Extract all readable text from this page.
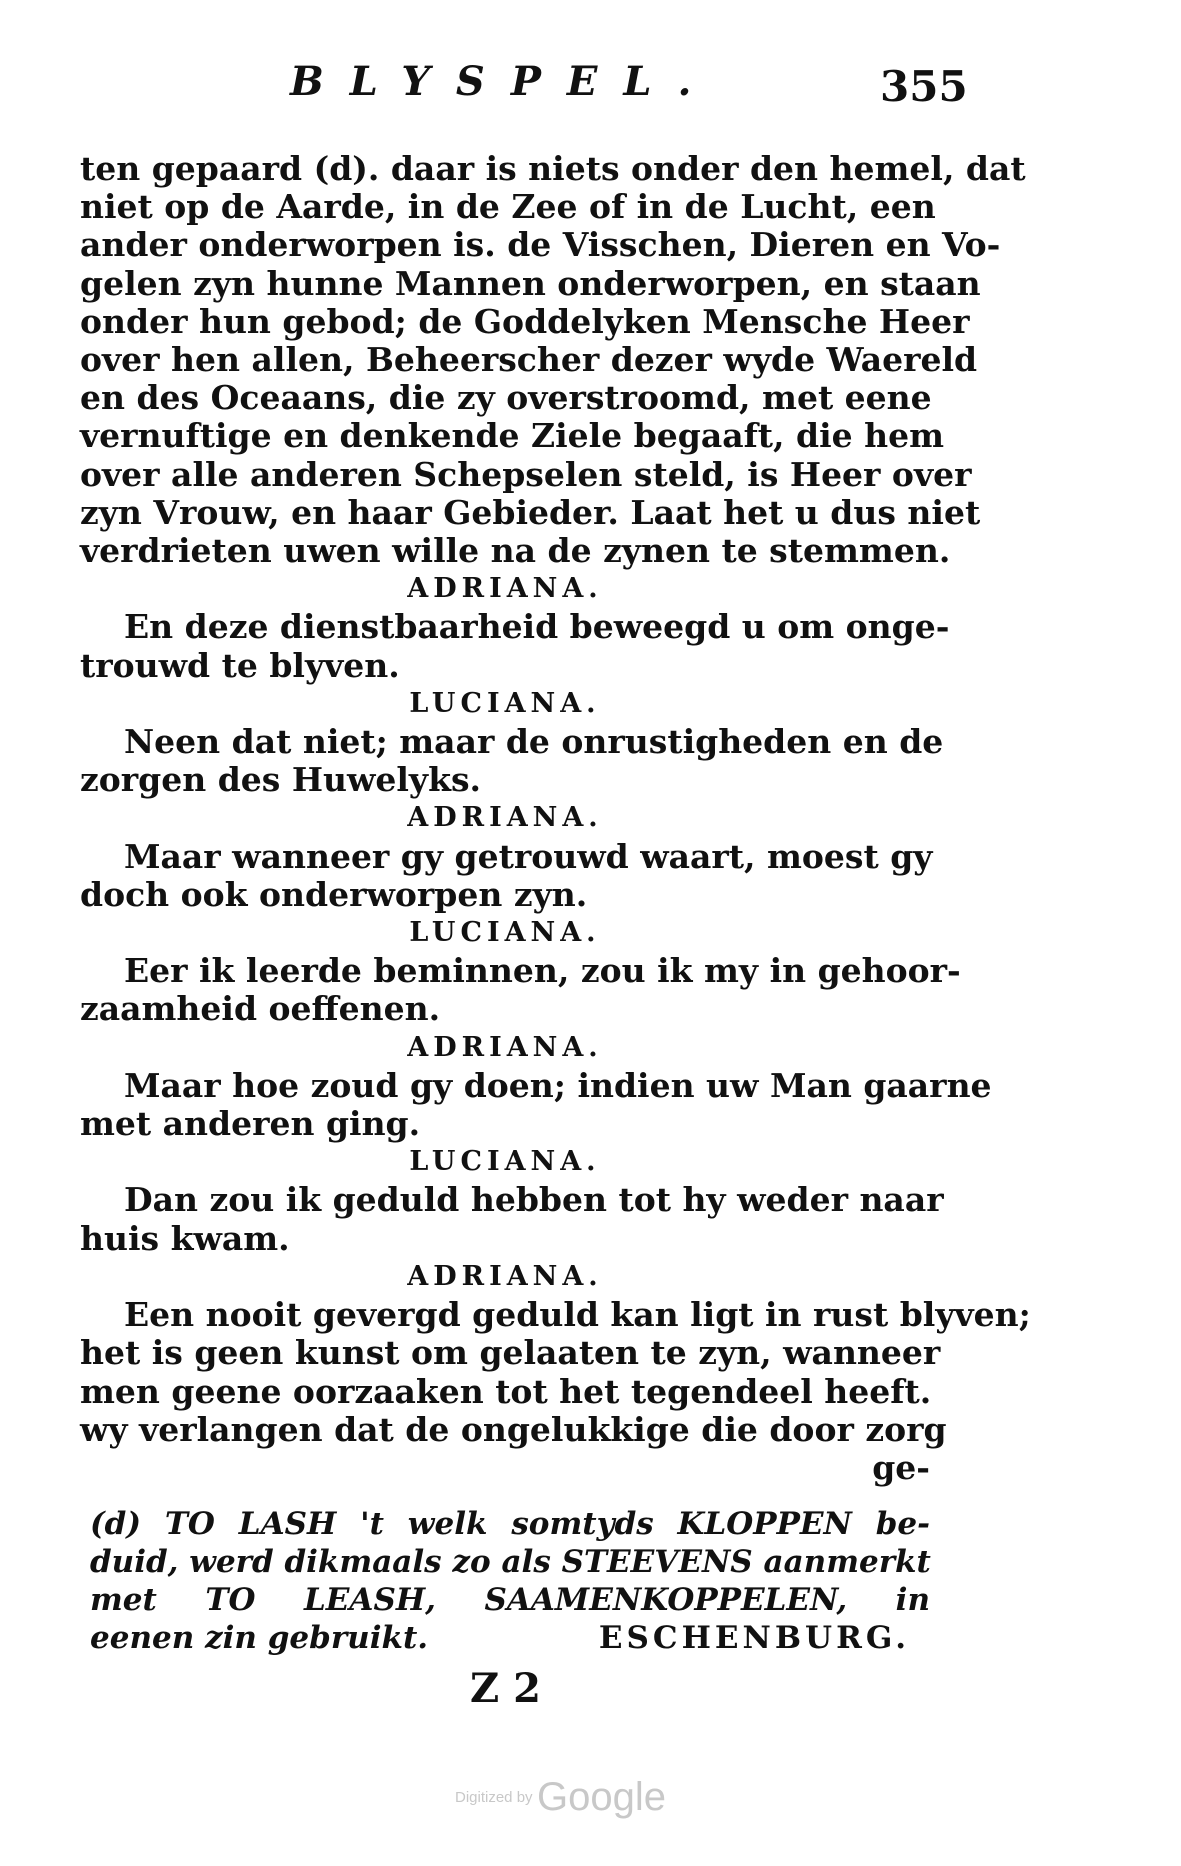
BLYSPEL.	355
ten gepaard (d). daar is niets onder den hemel, dat
niet op de Aarde, in de Zee of in de Lucht, een
ander onderworpen is. de Visschen, Dieren en Vo-
gelen zyn hunne Mannen onderworpen, en staan
onder hun gebod; de Goddelyken Mensche Heer
over hen allen, Beheerscher dezer wyde Waereld
en des Oceaans, die zy overstroomd, met eene
vernuftige en denkende Ziele begaaft, die hem
over alle anderen Schepselen steld, is Heer over
zyn Vrouw, en haar Gebieder. Laat het u dus niet
verdrieten uwen wille na de zynen te stemmen.
ADRIANA.
En deze dienstbaarheid beweegd u om onge-
trouwd te blyven.
LUCIANA.
Neen dat niet; maar de onrustigheden en de
zorgen des Huwelyks.
ADRIANA.
Maar wanneer gy getrouwd waart, moest gy
doch ook onderworpen zyn.
LUCIANA.
Eer ik leerde beminnen, zou ik my in gehoor-
zaamheid oeffenen.
ADRIANA.
Maar hoe zoud gy doen; indien uw Man gaarne
met anderen ging.
LUCIANA.
Dan zou ik geduld hebben tot hy weder naar
huis kwam.
ADRIANA.
Een nooit gevergd geduld kan ligt in rust blyven;
het is geen kunst om gelaaten te zyn, wanneer
men geene oorzaaken tot het tegendeel heeft.
wy verlangen dat de ongelukkige die door zorg
ge-
(d) TO LASH 't welk somtyds KLOPPEN be-
duid, werd dikmaals zo als STEEVENS aanmerkt
met TO LEASH, SAAMENKOPPELEN, in
eenen zin gebruikt.	ESCHENBURG.
Z 2
Digitized by Google
